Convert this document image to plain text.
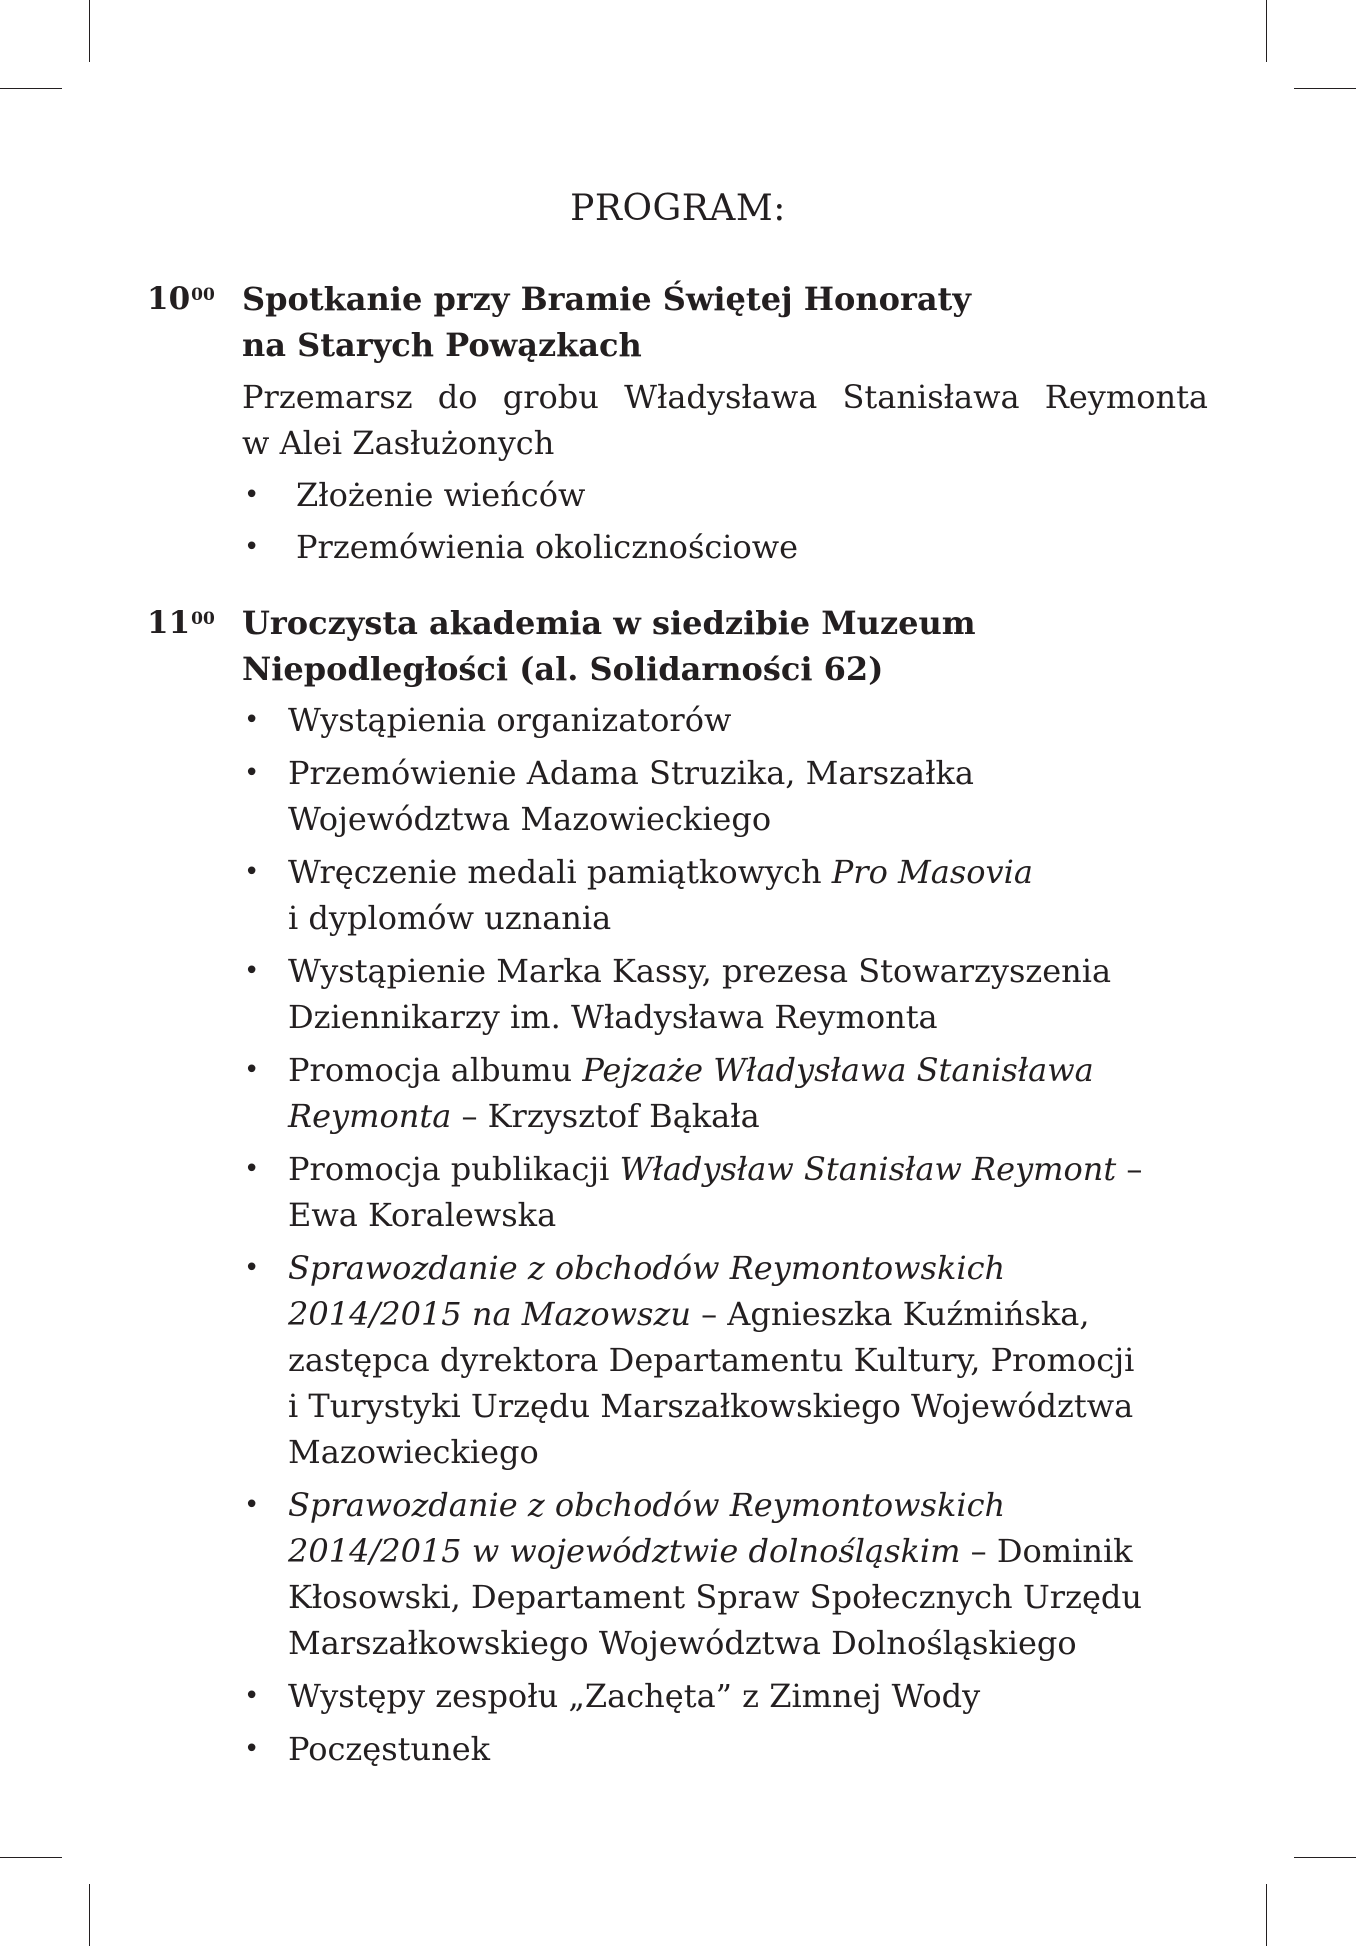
PROGRAM:
$10^{00}$ Spotkanie przy Bramie Świętej Honoraty
na Starych Powązkach
Przemarsz do grobu Władysława Stanisława Reymonta
w Alei Zasłużonych
• Złożenie wieńców
• Przemówienia okolicznościowe
$11^{00}$ Uroczysta akademia w siedzibie Muzeum
Niepodległości (al. Solidarności 62)
• Wystąpienia organizatorów
• Przemówienie Adama Struzika, Marszałka
Województwa Mazowieckiego
• Wręczenie medali pamiątkowych Pro Masovia
i dyplomów uznania
• Wystąpienie Marka Kassy, prezesa Stowarzyszenia
Dziennikarzy im. Władysława Reymonta
• Promocja albumu Pejzaże Władysława Stanisława
Reymonta – Krzysztof Bąkała
• Promocja publikacji Władysław Stanisław Reymont –
Ewa Koralewska
• Sprawozdanie z obchodów Reymontowskich
2014/2015 na Mazowszu – Agnieszka Kuźmińska,
zastępca dyrektora Departamentu Kultury, Promocji
i Turystyki Urzędu Marszałkowskiego Województwa
Mazowieckiego
• Sprawozdanie z obchodów Reymontowskich
2014/2015 w województwie dolnośląskim – Dominik
Kłosowski, Departament Spraw Społecznych Urzędu
Marszałkowskiego Województwa Dolnośląskiego
• Występy zespołu „Zachęta” z Zimnej Wody
• Poczęstunek
